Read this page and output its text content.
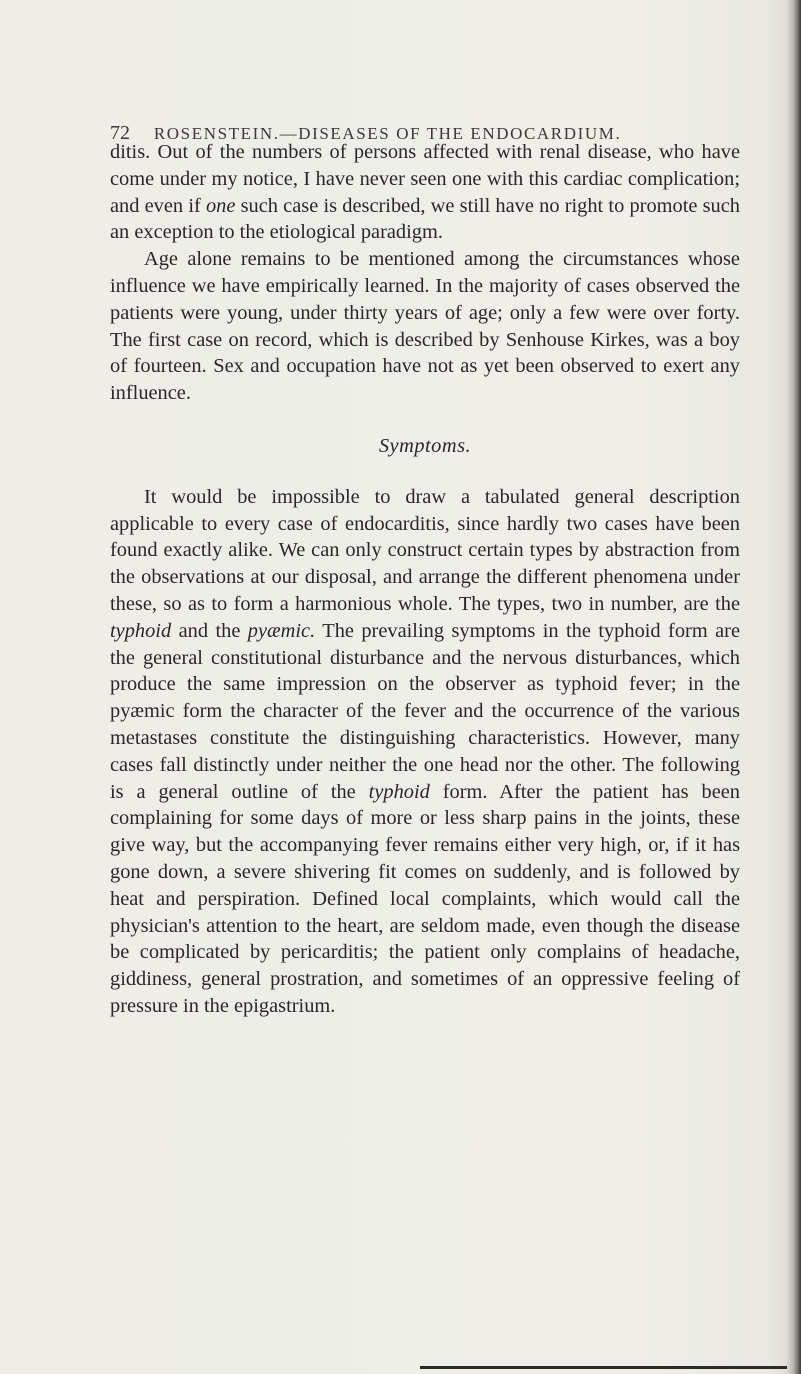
72 ROSENSTEIN.—DISEASES OF THE ENDOCARDIUM.

ditis. Out of the numbers of persons affected with renal disease, who have come under my notice, I have never seen one with this cardiac complication; and even if one such case is described, we still have no right to promote such an exception to the etiological paradigm.

Age alone remains to be mentioned among the circumstances whose influence we have empirically learned. In the majority of cases observed the patients were young, under thirty years of age; only a few were over forty. The first case on record, which is described by Senhouse Kirkes, was a boy of fourteen. Sex and occupation have not as yet been observed to exert any influence.

Symptoms.

It would be impossible to draw a tabulated general description applicable to every case of endocarditis, since hardly two cases have been found exactly alike. We can only construct certain types by abstraction from the observations at our disposal, and arrange the different phenomena under these, so as to form a harmonious whole. The types, two in number, are the typhoid and the pyæmic. The prevailing symptoms in the typhoid form are the general constitutional disturbance and the nervous disturbances, which produce the same impression on the observer as typhoid fever; in the pyæmic form the character of the fever and the occurrence of the various metastases constitute the distinguishing characteristics. However, many cases fall distinctly under neither the one head nor the other. The following is a general outline of the typhoid form. After the patient has been complaining for some days of more or less sharp pains in the joints, these give way, but the accompanying fever remains either very high, or, if it has gone down, a severe shivering fit comes on suddenly, and is followed by heat and perspiration. Defined local complaints, which would call the physician's attention to the heart, are seldom made, even though the disease be complicated by pericarditis; the patient only complains of headache, giddiness, general prostration, and sometimes of an oppressive feeling of pressure in the epigastrium.
